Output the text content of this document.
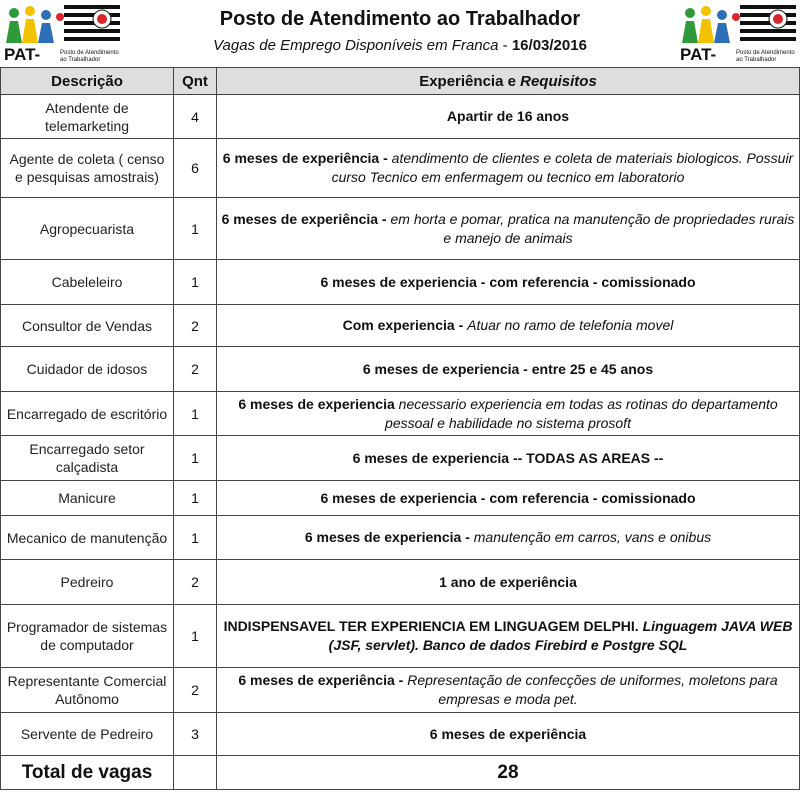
PAT-	Posto de Atendimento ao Trabalhador
Posto de Atendimento ao Trabalhador
Vagas de Emprego Disponíveis em Franca - 16/03/2016	PAT-	Posto de Atendimento ao Trabalhador
Descrição	Qnt	Experiência e Requisitos
Atendente de telemarketing	4	Apartir de 16 anos
Agente de coleta ( censo e pesquisas amostrais)	6	6 meses de experiência - atendimento de clientes e coleta de materiais biologicos. Possuir curso Tecnico em enfermagem ou tecnico em laboratorio
Agropecuarista	1	6 meses de experiência - em horta e pomar, pratica na manutenção de propriedades rurais e manejo de animais
Cabeleleiro	1	6 meses de experiencia - com referencia - comissionado
Consultor de Vendas	2	Com experiencia - Atuar no ramo de telefonia movel
Cuidador de idosos	2	6 meses de experiencia - entre 25 e 45 anos
Encarregado de escritório	1	6 meses de experiencia necessario experiencia em todas as rotinas do departamento pessoal e habilidade no sistema prosoft
Encarregado setor calçadista	1	6 meses de experiencia -- TODAS AS AREAS --
Manicure	1	6 meses de experiencia - com referencia - comissionado
Mecanico de manutenção	1	6 meses de experiencia - manutenção em carros, vans e onibus
Pedreiro	2	1 ano de experiência
Programador de sistemas de computador	1	INDISPENSAVEL TER EXPERIENCIA EM LINGUAGEM DELPHI. Linguagem JAVA WEB (JSF, servlet). Banco de dados Firebird e Postgre SQL
Representante Comercial Autônomo	2	6 meses de experiência - Representação de confecções de uniformes, moletons para empresas e moda pet.
Servente de Pedreiro	3	6 meses de experiência
Total de vagas		28
